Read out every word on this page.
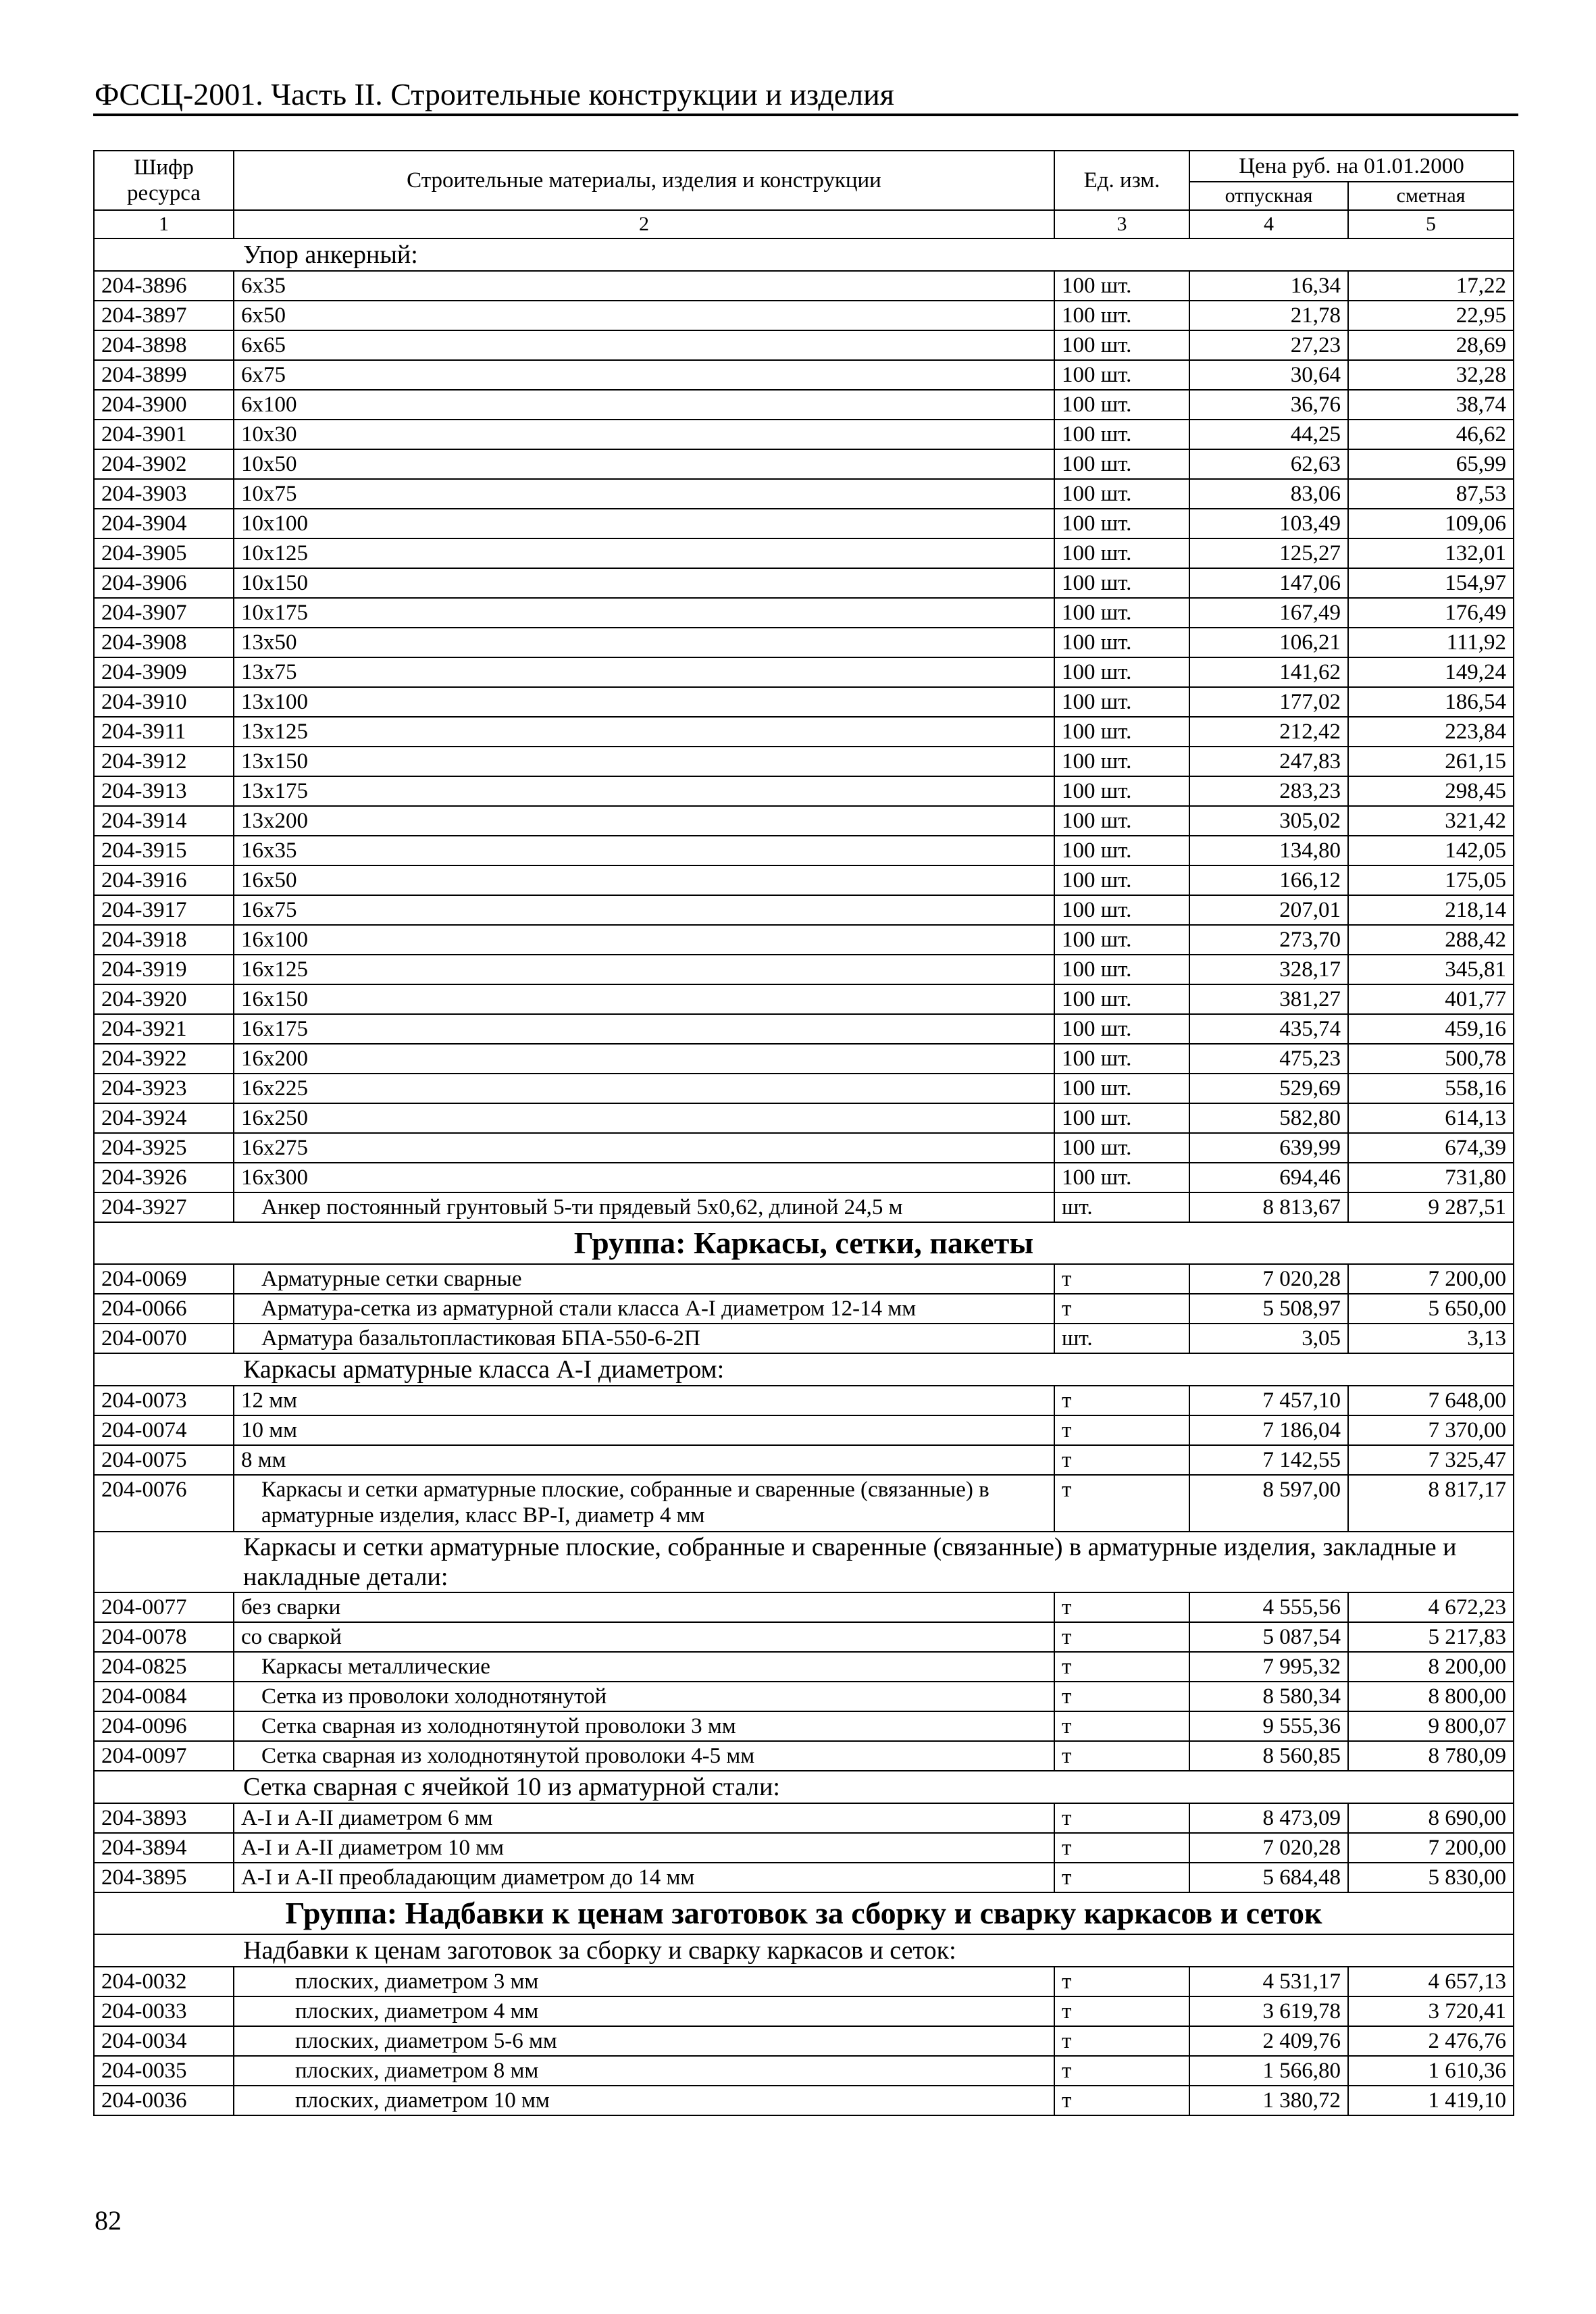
ФССЦ-2001. Часть II. Строительные конструкции и изделия
Шифр ресурса	Строительные материалы, изделия и конструкции	Ед. изм.	Цена руб. на 01.01.2000	
			отпускная	сметная
1	2	3	4	5
Упор анкерный:				
204-3896	6x35	100 шт.	16,34	17,22
204-3897	6x50	100 шт.	21,78	22,95
204-3898	6x65	100 шт.	27,23	28,69
204-3899	6x75	100 шт.	30,64	32,28
204-3900	6x100	100 шт.	36,76	38,74
204-3901	10x30	100 шт.	44,25	46,62
204-3902	10x50	100 шт.	62,63	65,99
204-3903	10x75	100 шт.	83,06	87,53
204-3904	10x100	100 шт.	103,49	109,06
204-3905	10x125	100 шт.	125,27	132,01
204-3906	10x150	100 шт.	147,06	154,97
204-3907	10x175	100 шт.	167,49	176,49
204-3908	13x50	100 шт.	106,21	111,92
204-3909	13x75	100 шт.	141,62	149,24
204-3910	13x100	100 шт.	177,02	186,54
204-3911	13x125	100 шт.	212,42	223,84
204-3912	13x150	100 шт.	247,83	261,15
204-3913	13x175	100 шт.	283,23	298,45
204-3914	13x200	100 шт.	305,02	321,42
204-3915	16x35	100 шт.	134,80	142,05
204-3916	16x50	100 шт.	166,12	175,05
204-3917	16x75	100 шт.	207,01	218,14
204-3918	16x100	100 шт.	273,70	288,42
204-3919	16x125	100 шт.	328,17	345,81
204-3920	16x150	100 шт.	381,27	401,77
204-3921	16x175	100 шт.	435,74	459,16
204-3922	16x200	100 шт.	475,23	500,78
204-3923	16x225	100 шт.	529,69	558,16
204-3924	16x250	100 шт.	582,80	614,13
204-3925	16x275	100 шт.	639,99	674,39
204-3926	16x300	100 шт.	694,46	731,80
204-3927	Анкер постоянный грунтовый 5-ти прядевый 5x0,62, длиной 24,5 м	шт.	8 813,67	9 287,51
Группа: Каркасы, сетки, пакеты				
204-0069	Арматурные сетки сварные	т	7 020,28	7 200,00
204-0066	Арматура-сетка из арматурной стали класса А-I диаметром 12-14 мм	т	5 508,97	5 650,00
204-0070	Арматура базальтопластиковая БПА-550-6-2П	шт.	3,05	3,13
Каркасы арматурные класса А-I диаметром:				
204-0073	12 мм	т	7 457,10	7 648,00
204-0074	10 мм	т	7 186,04	7 370,00
204-0075	8 мм	т	7 142,55	7 325,47
204-0076	Каркасы и сетки арматурные плоские, собранные и сваренные (связанные) в арматурные изделия, класс ВР-I, диаметр 4 мм	т	8 597,00	8 817,17
Каркасы и сетки арматурные плоские, собранные и сваренные (связанные) в арматурные изделия, закладные и накладные детали:				
204-0077	без сварки	т	4 555,56	4 672,23
204-0078	со сваркой	т	5 087,54	5 217,83
204-0825	Каркасы металлические	т	7 995,32	8 200,00
204-0084	Сетка из проволоки холоднотянутой	т	8 580,34	8 800,00
204-0096	Сетка сварная из холоднотянутой проволоки 3 мм	т	9 555,36	9 800,07
204-0097	Сетка сварная из холоднотянутой проволоки 4-5 мм	т	8 560,85	8 780,09
Сетка сварная с ячейкой 10 из арматурной стали:				
204-3893	А-I и А-II диаметром 6 мм	т	8 473,09	8 690,00
204-3894	А-I и А-II диаметром 10 мм	т	7 020,28	7 200,00
204-3895	А-I и А-II преобладающим диаметром до 14 мм	т	5 684,48	5 830,00
Группа: Надбавки к ценам заготовок за сборку и сварку каркасов и сеток				
Надбавки к ценам заготовок за сборку и сварку каркасов и сеток:				
204-0032	плоских, диаметром 3 мм	т	4 531,17	4 657,13
204-0033	плоских, диаметром 4 мм	т	3 619,78	3 720,41
204-0034	плоских, диаметром 5-6 мм	т	2 409,76	2 476,76
204-0035	плоских, диаметром 8 мм	т	1 566,80	1 610,36
204-0036	плоских, диаметром 10 мм	т	1 380,72	1 419,10
82
